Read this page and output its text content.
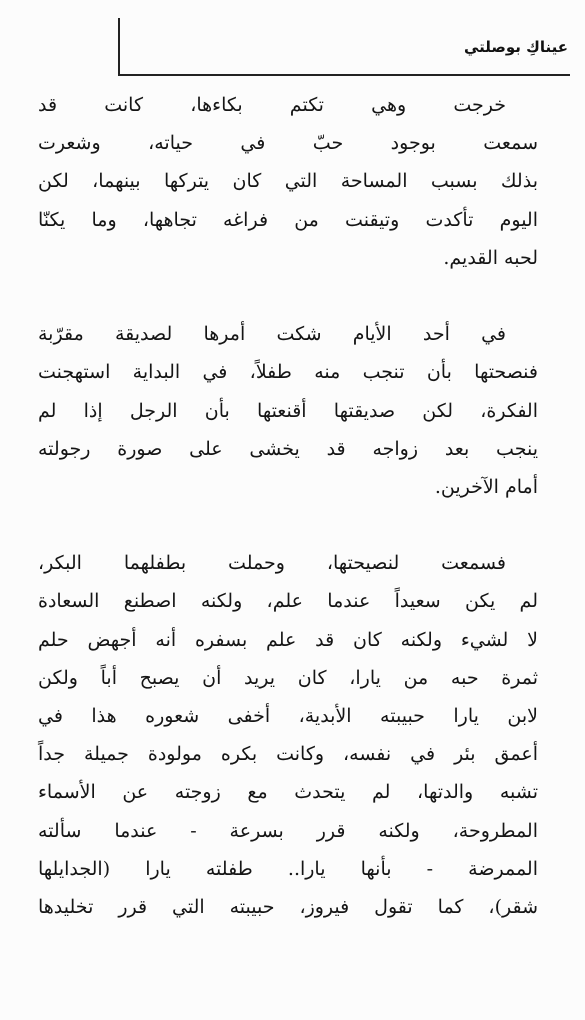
عيناكِ بوصلتي
خرجت وهي تكتم بكاءها، كانت قد
سمعت بوجود حبّ في حياته، وشعرت
بذلك بسبب المساحة التي كان يتركها بينهما، لكن
اليوم تأكدت وتيقنت من فراغه تجاهها، وما يكنّا
لحبه القديم.
في أحد الأيام شكت أمرها لصديقة مقرّبة
فنصحتها بأن تنجب منه طفلاً، في البداية استهجنت
الفكرة، لكن صديقتها أقنعتها بأن الرجل إذا لم
ينجب بعد زواجه قد يخشى على صورة رجولته
أمام الآخرين.
فسمعت لنصيحتها، وحملت بطفلهما البكر،
لم يكن سعيداً عندما علم، ولكنه اصطنع السعادة
لا لشيء ولكنه كان قد علم بسفره أنه أجهض حلم
ثمرة حبه من يارا، كان يريد أن يصبح أباً ولكن
لابن يارا حبيبته الأبدية، أخفى شعوره هذا في
أعمق بئر في نفسه، وكانت بكره مولودة جميلة جداً
تشبه والدتها، لم يتحدث مع زوجته عن الأسماء
المطروحة، ولكنه قرر بسرعة - عندما سألته
الممرضة - بأنها يارا.. طفلته يارا (الجدايلها
شقر)، كما تقول فيروز، حبيبته التي قرر تخليدها
